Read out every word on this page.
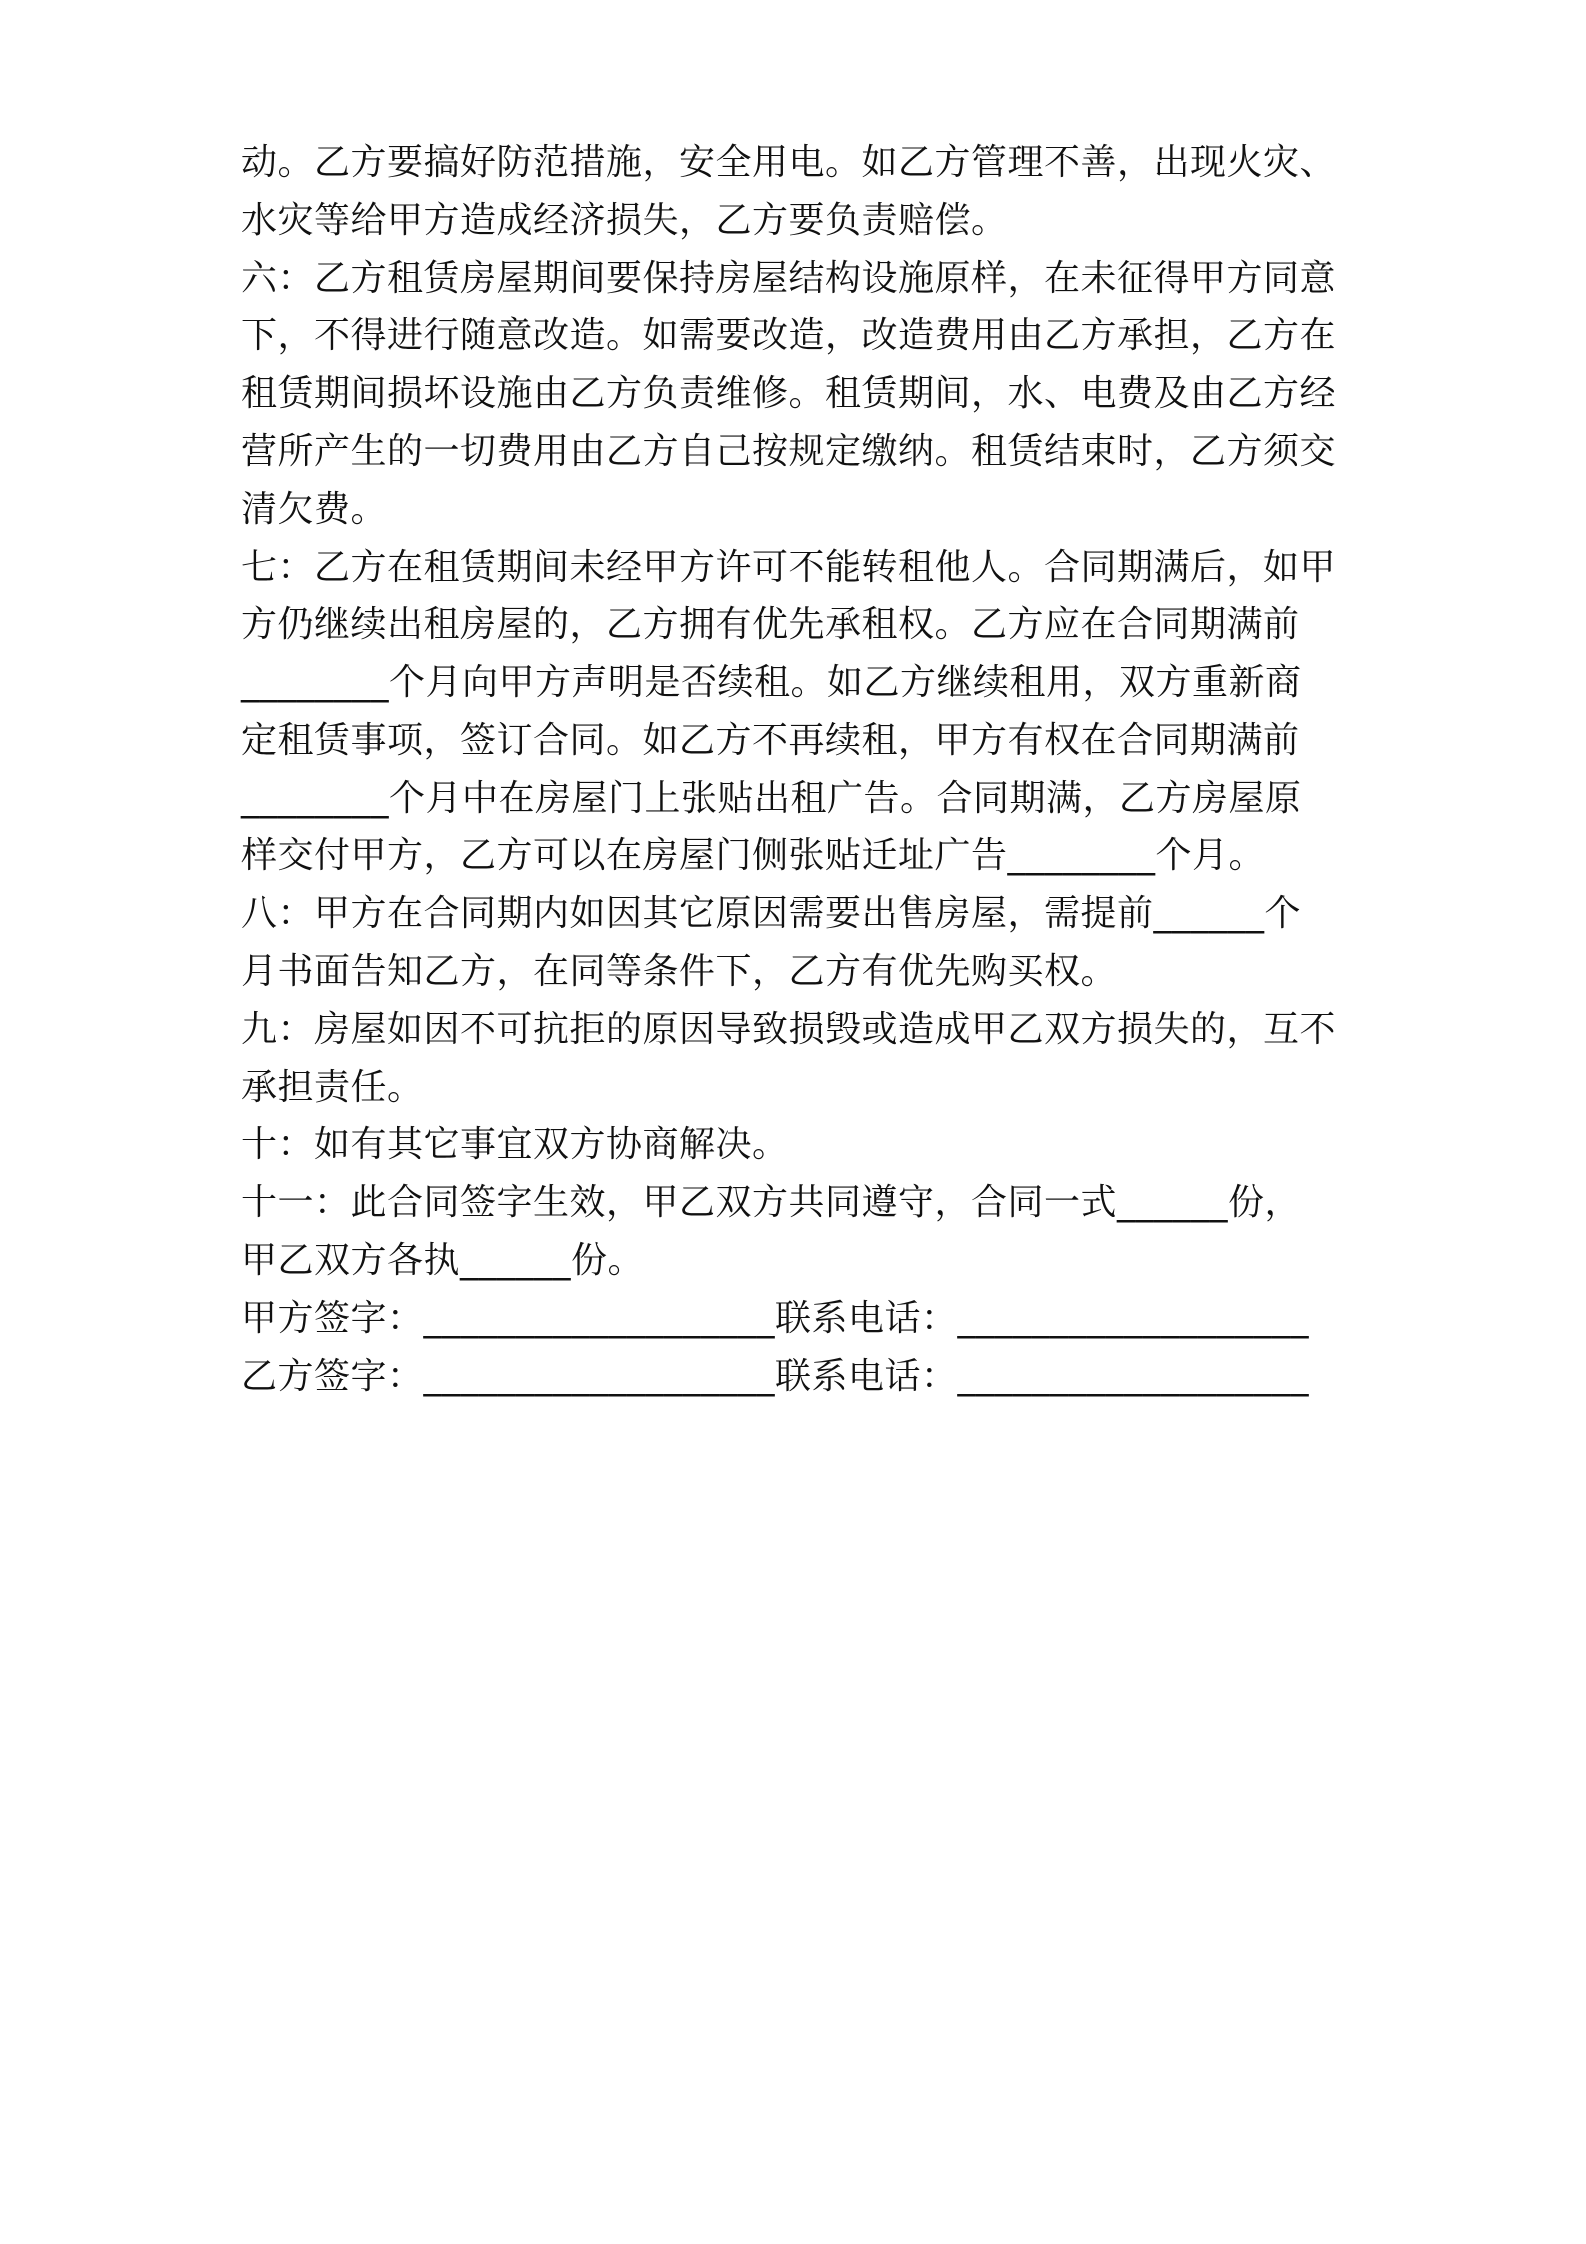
动。乙方要搞好防范措施，安全用电。如乙方管理不善，出现火灾、
水灾等给甲方造成经济损失，乙方要负责赔偿。
六：乙方租赁房屋期间要保持房屋结构设施原样，在未征得甲方同意
下，不得进行随意改造。如需要改造，改造费用由乙方承担，乙方在
租赁期间损坏设施由乙方负责维修。租赁期间，水、电费及由乙方经
营所产生的一切费用由乙方自己按规定缴纳。租赁结束时，乙方须交
清欠费。
七：乙方在租赁期间未经甲方许可不能转租他人。合同期满后，如甲
方仍继续出租房屋的，乙方拥有优先承租权。乙方应在合同期满前
________个月向甲方声明是否续租。如乙方继续租用，双方重新商
定租赁事项，签订合同。如乙方不再续租，甲方有权在合同期满前
________个月中在房屋门上张贴出租广告。合同期满，乙方房屋原
样交付甲方，乙方可以在房屋门侧张贴迁址广告________个月。
八：甲方在合同期内如因其它原因需要出售房屋，需提前______个
月书面告知乙方，在同等条件下，乙方有优先购买权。
九：房屋如因不可抗拒的原因导致损毁或造成甲乙双方损失的，互不
承担责任。
十：如有其它事宜双方协商解决。
十一：此合同签字生效，甲乙双方共同遵守，合同一式______份，
甲乙双方各执______份。
甲方签字：___________________联系电话：___________________
乙方签字：___________________联系电话：___________________
